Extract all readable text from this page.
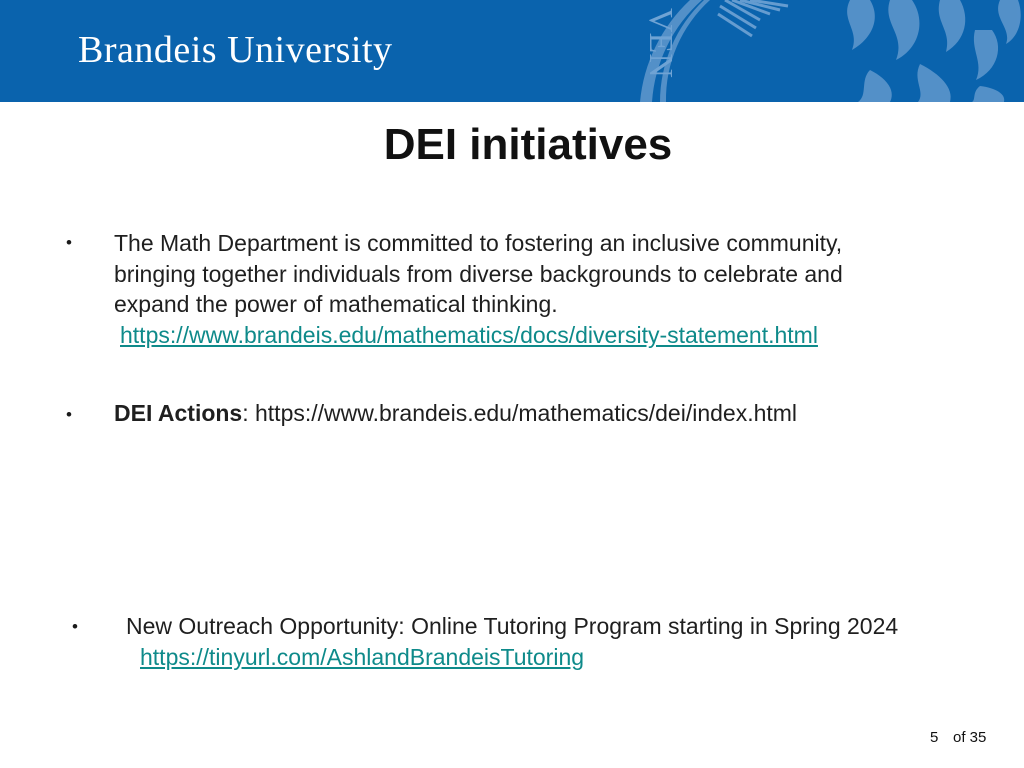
Brandeis University	VEN
DEI initiatives
• The Math Department is committed to fostering an inclusive community,
bringing together individuals from diverse backgrounds to celebrate and
expand the power of mathematical thinking.
https://www.brandeis.edu/mathematics/docs/diversity-statement.html
• DEI Actions: https://www.brandeis.edu/mathematics/dei/index.html
• New Outreach Opportunity: Online Tutoring Program starting in Spring 2024
https://tinyurl.com/AshlandBrandeisTutoring
5 of 35
